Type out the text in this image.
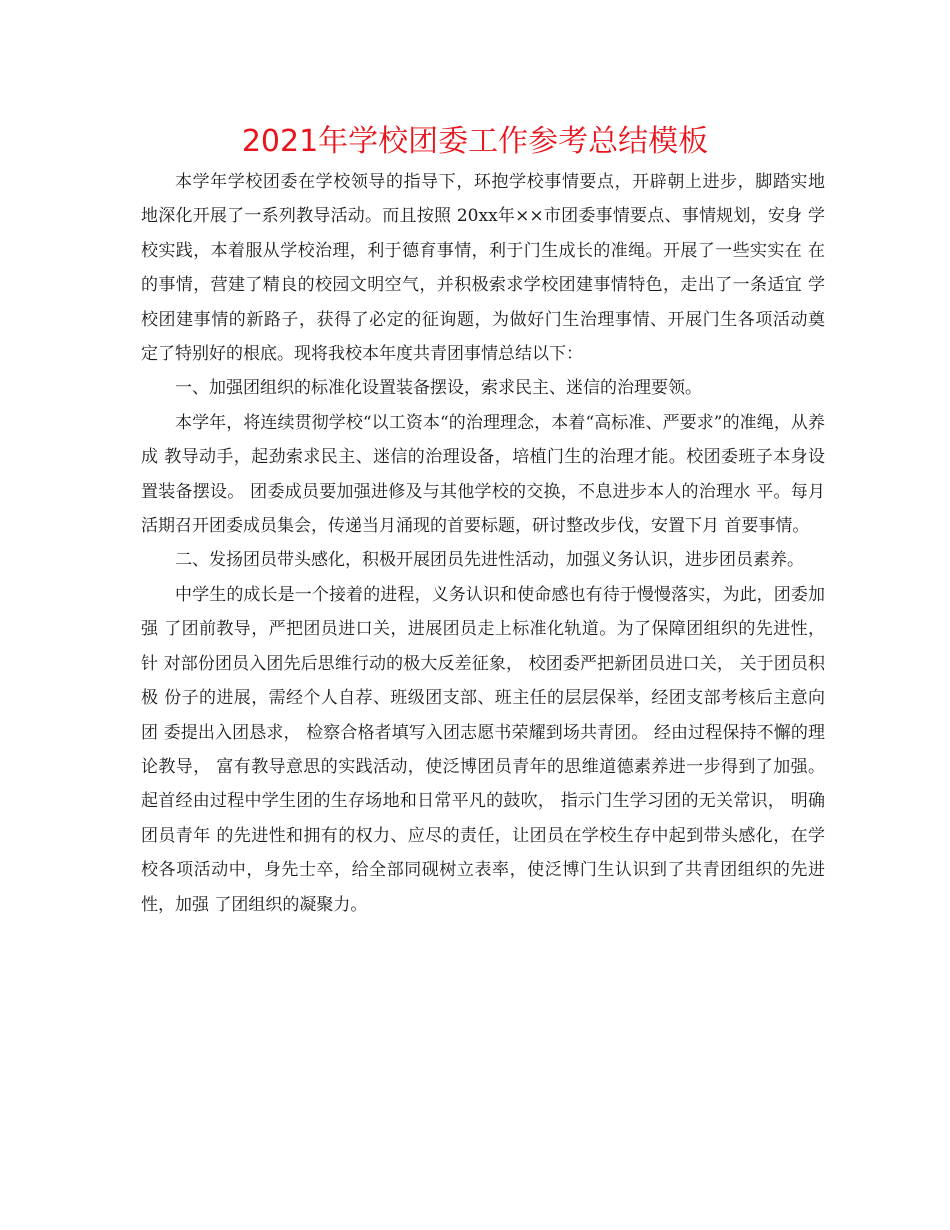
2021年学校团委工作参考总结模板

本学年学校团委在学校领导的指导下，环抱学校事情要点，开辟朝上进步，脚踏实地 地深化开展了一系列教导活动。而且按照 20xx年××市团委事情要点、事情规划，安身 学校实践，本着服从学校治理，利于德育事情，利于门生成长的准绳。开展了一些实实在 在的事情，营建了精良的校园文明空气，并积极索求学校团建事情特色，走出了一条适宜 学校团建事情的新路子，获得了必定的征询题，为做好门生治理事情、开展门生各项活动奠 定了特别好的根底。现将我校本年度共青团事情总结以下：

一、加强团组织的标准化设置装备摆设，索求民主、迷信的治理要领。

本学年，将连续贯彻学校“以工资本“的治理理念，本着“高标准、严要求”的准绳，从养成 教导动手，起劲索求民主、迷信的治理设备，培植门生的治理才能。校团委班子本身设置装备摆设。 团委成员要加强进修及与其他学校的交换，不息进步本人的治理水 平。每月活期召开团委成员集会，传递当月涌现的首要标题，研讨整改步伐，安置下月 首要事情。

二、发扬团员带头感化，积极开展团员先进性活动，加强义务认识，进步团员素养。

中学生的成长是一个接着的进程，义务认识和使命感也有待于慢慢落实，为此，团委加强 了团前教导，严把团员进口关，进展团员走上标准化轨道。为了保障团组织的先进性，针 对部份团员入团先后思维行动的极大反差征象， 校团委严把新团员进口关， 关于团员积极 份子的进展，需经个人自荐、班级团支部、班主任的层层保举，经团支部考核后主意向团 委提出入团恳求， 检察合格者填写入团志愿书荣耀到场共青团。 经由过程保持不懈的理论教导， 富有教导意思的实践活动，使泛博团员青年的思维道德素养进一步得到了加强。起首经由过程中学生团的生存场地和日常平凡的鼓吹， 指示门生学习团的无关常识， 明确团员青年 的先进性和拥有的权力、应尽的责任，让团员在学校生存中起到带头感化，在学校各项活动中，身先士卒，给全部同砚树立表率，使泛博门生认识到了共青团组织的先进性，加强 了团组织的凝聚力。
